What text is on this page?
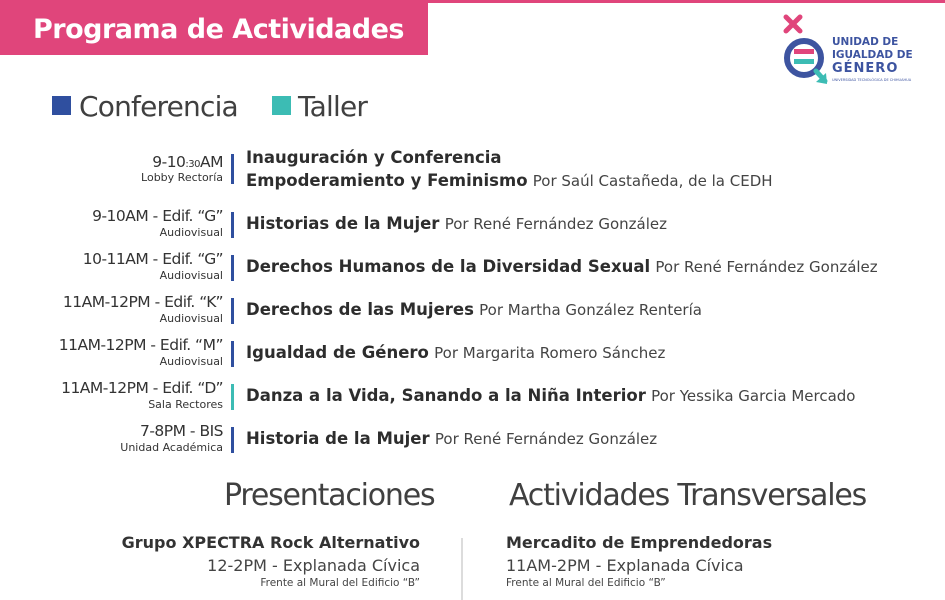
Programa de Actividades	UNIDAD DE
IGUALDAD DE
GÉNERO
UNIVERSIDAD TECNOLÓGICA DE CHIHUAHUA
Conferencia Taller
9-10:30AM
Lobby Rectoría
Inauguración y Conferencia
Empoderamiento y Feminismo Por Saúl Castañeda, de la CEDH
9-10AM - Edif. “G”
Audiovisual Historias de la Mujer Por René Fernández González
10-11AM - Edif. “G”
Audiovisual Derechos Humanos de la Diversidad Sexual Por René Fernández González
11AM-12PM - Edif. “K”
Audiovisual Derechos de las Mujeres Por Martha González Rentería
11AM-12PM - Edif. “M”
Audiovisual Igualdad de Género Por Margarita Romero Sánchez
11AM-12PM - Edif. “D”
Sala Rectores Danza a la Vida, Sanando a la Niña Interior Por Yessika Garcia Mercado
7-8PM - BIS
Unidad Académica Historia de la Mujer Por René Fernández González
Presentaciones Actividades Transversales
Grupo XPECTRA Rock Alternativo
12-2PM - Explanada Cívica
Frente al Mural del Edificio “B”
Mercadito de Emprendedoras
11AM-2PM - Explanada Cívica
Frente al Mural del Edificio “B”
